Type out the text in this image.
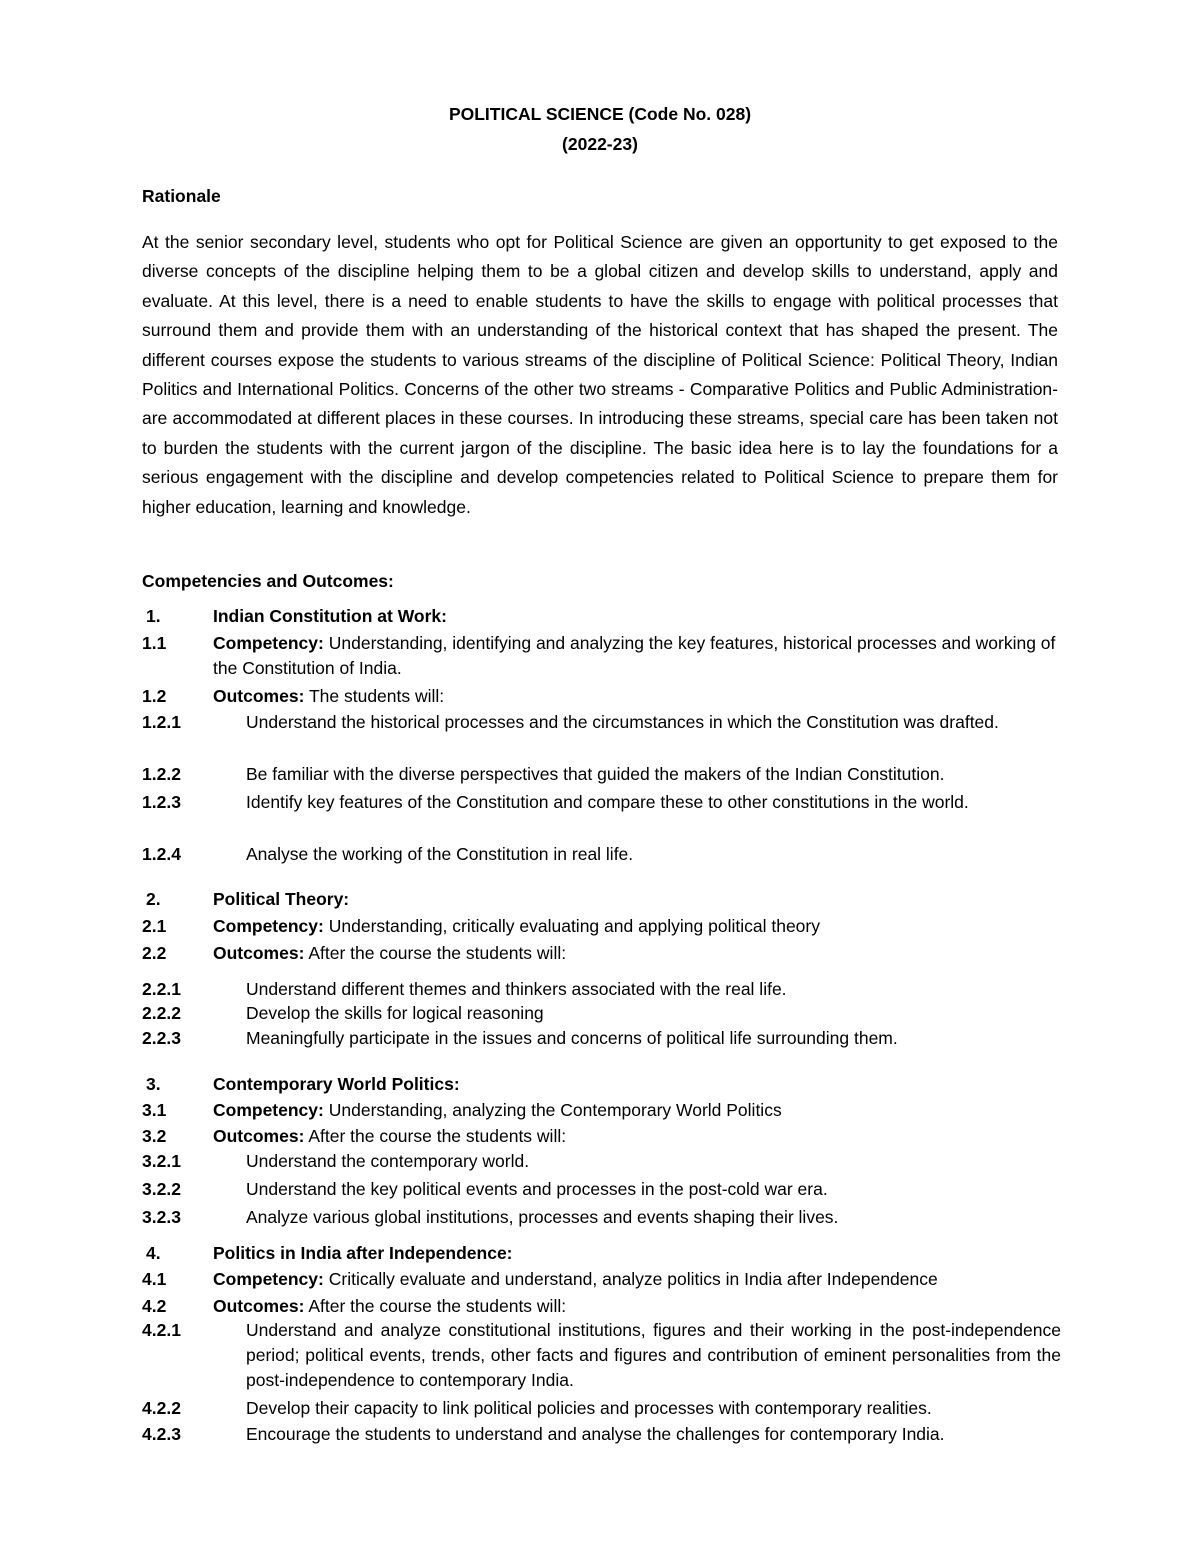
POLITICAL SCIENCE (Code No. 028)
(2022-23)
Rationale

At the senior secondary level, students who opt for Political Science are given an opportunity to get exposed to the diverse concepts of the discipline helping them to be a global citizen and develop skills to understand, apply and evaluate. At this level, there is a need to enable students to have the skills to engage with political processes that surround them and provide them with an understanding of the historical context that has shaped the present. The different courses expose the students to various streams of the discipline of Political Science: Political Theory, Indian Politics and International Politics. Concerns of the other two streams - Comparative Politics and Public Administration- are accommodated at different places in these courses. In introducing these streams, special care has been taken not to burden the students with the current jargon of the discipline. The basic idea here is to lay the foundations for a serious engagement with the discipline and develop competencies related to Political Science to prepare them for higher education, learning and knowledge.

Competencies and Outcomes:
1.	Indian Constitution at Work:
1.1	Competency: Understanding, identifying and analyzing the key features, historical processes and working of the Constitution of India.
1.2	Outcomes: The students will:
1.2.1	Understand the historical processes and the circumstances in which the Constitution was drafted.
1.2.2	Be familiar with the diverse perspectives that guided the makers of the Indian Constitution.
1.2.3	Identify key features of the Constitution and compare these to other constitutions in the world.
1.2.4	Analyse the working of the Constitution in real life.
2.	Political Theory:
2.1	Competency: Understanding, critically evaluating and applying political theory
2.2	Outcomes: After the course the students will:
2.2.1	Understand different themes and thinkers associated with the real life.
2.2.2	Develop the skills for logical reasoning
2.2.3	Meaningfully participate in the issues and concerns of political life surrounding them.
3.	Contemporary World Politics:
3.1	Competency: Understanding, analyzing the Contemporary World Politics
3.2	Outcomes: After the course the students will:
3.2.1	Understand the contemporary world.
3.2.2	Understand the key political events and processes in the post-cold war era.
3.2.3	Analyze various global institutions, processes and events shaping their lives.
4.	Politics in India after Independence:
4.1	Competency: Critically evaluate and understand, analyze politics in India after Independence
4.2	Outcomes: After the course the students will:
4.2.1	Understand and analyze constitutional institutions, figures and their working in the post-independence period; political events, trends, other facts and figures and contribution of eminent personalities from the post-independence to contemporary India.
4.2.2	Develop their capacity to link political policies and processes with contemporary realities.
4.2.3	Encourage the students to understand and analyse the challenges for contemporary India.
